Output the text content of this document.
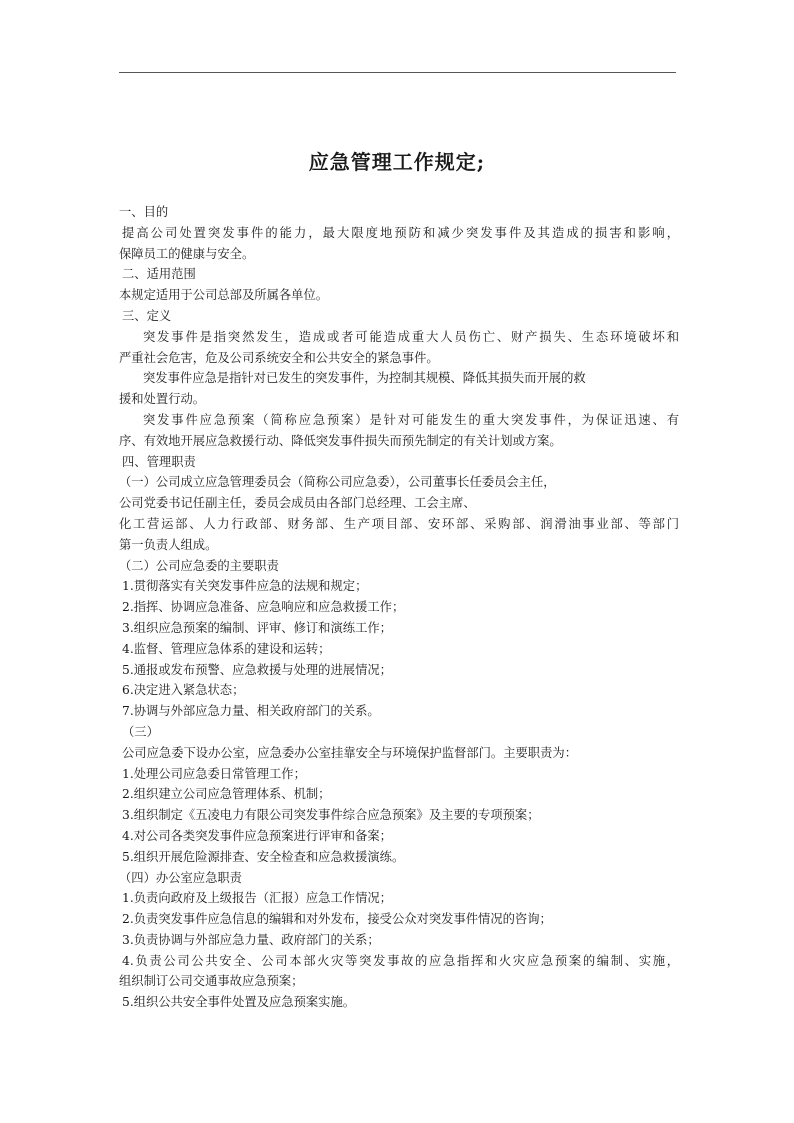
应急管理工作规定;
一、目的
提高公司处置突发事件的能力，最大限度地预防和减少突发事件及其造成的损害和影响，
保障员工的健康与安全。
二、适用范围
本规定适用于公司总部及所属各单位。
三、定义
突发事件是指突然发生，造成或者可能造成重大人员伤亡、财产损失、生态环境破坏和
严重社会危害，危及公司系统安全和公共安全的紧急事件。
突发事件应急是指针对已发生的突发事件，为控制其规模、降低其损失而开展的救
援和处置行动。
突发事件应急预案（简称应急预案）是针对可能发生的重大突发事件，为保证迅速、有
序、有效地开展应急救援行动、降低突发事件损失而预先制定的有关计划或方案。
四、管理职责
（一）公司成立应急管理委员会（简称公司应急委），公司董事长任委员会主任，
公司党委书记任副主任，委员会成员由各部门总经理、工会主席、
化工营运部、人力行政部、财务部、生产项目部、安环部、采购部、润滑油事业部、等部门
第一负责人组成。
（二）公司应急委的主要职责
1.贯彻落实有关突发事件应急的法规和规定；
2.指挥、协调应急准备、应急响应和应急救援工作；
3.组织应急预案的编制、评审、修订和演练工作；
4.监督、管理应急体系的建设和运转；
5.通报或发布预警、应急救援与处理的进展情况；
6.决定进入紧急状态；
7.协调与外部应急力量、相关政府部门的关系。
（三）
公司应急委下设办公室，应急委办公室挂靠安全与环境保护监督部门。主要职责为：
1.处理公司应急委日常管理工作；
2.组织建立公司应急管理体系、机制；
3.组织制定《五凌电力有限公司突发事件综合应急预案》及主要的专项预案；
4.对公司各类突发事件应急预案进行评审和备案；
5.组织开展危险源排查、安全检查和应急救援演练。
（四）办公室应急职责
1.负责向政府及上级报告（汇报）应急工作情况；
2.负责突发事件应急信息的编辑和对外发布，接受公众对突发事件情况的咨询；
3.负责协调与外部应急力量、政府部门的关系；
4.负责公司公共安全、公司本部火灾等突发事故的应急指挥和火灾应急预案的编制、实施，
组织制订公司交通事故应急预案；
5.组织公共安全事件处置及应急预案实施。
